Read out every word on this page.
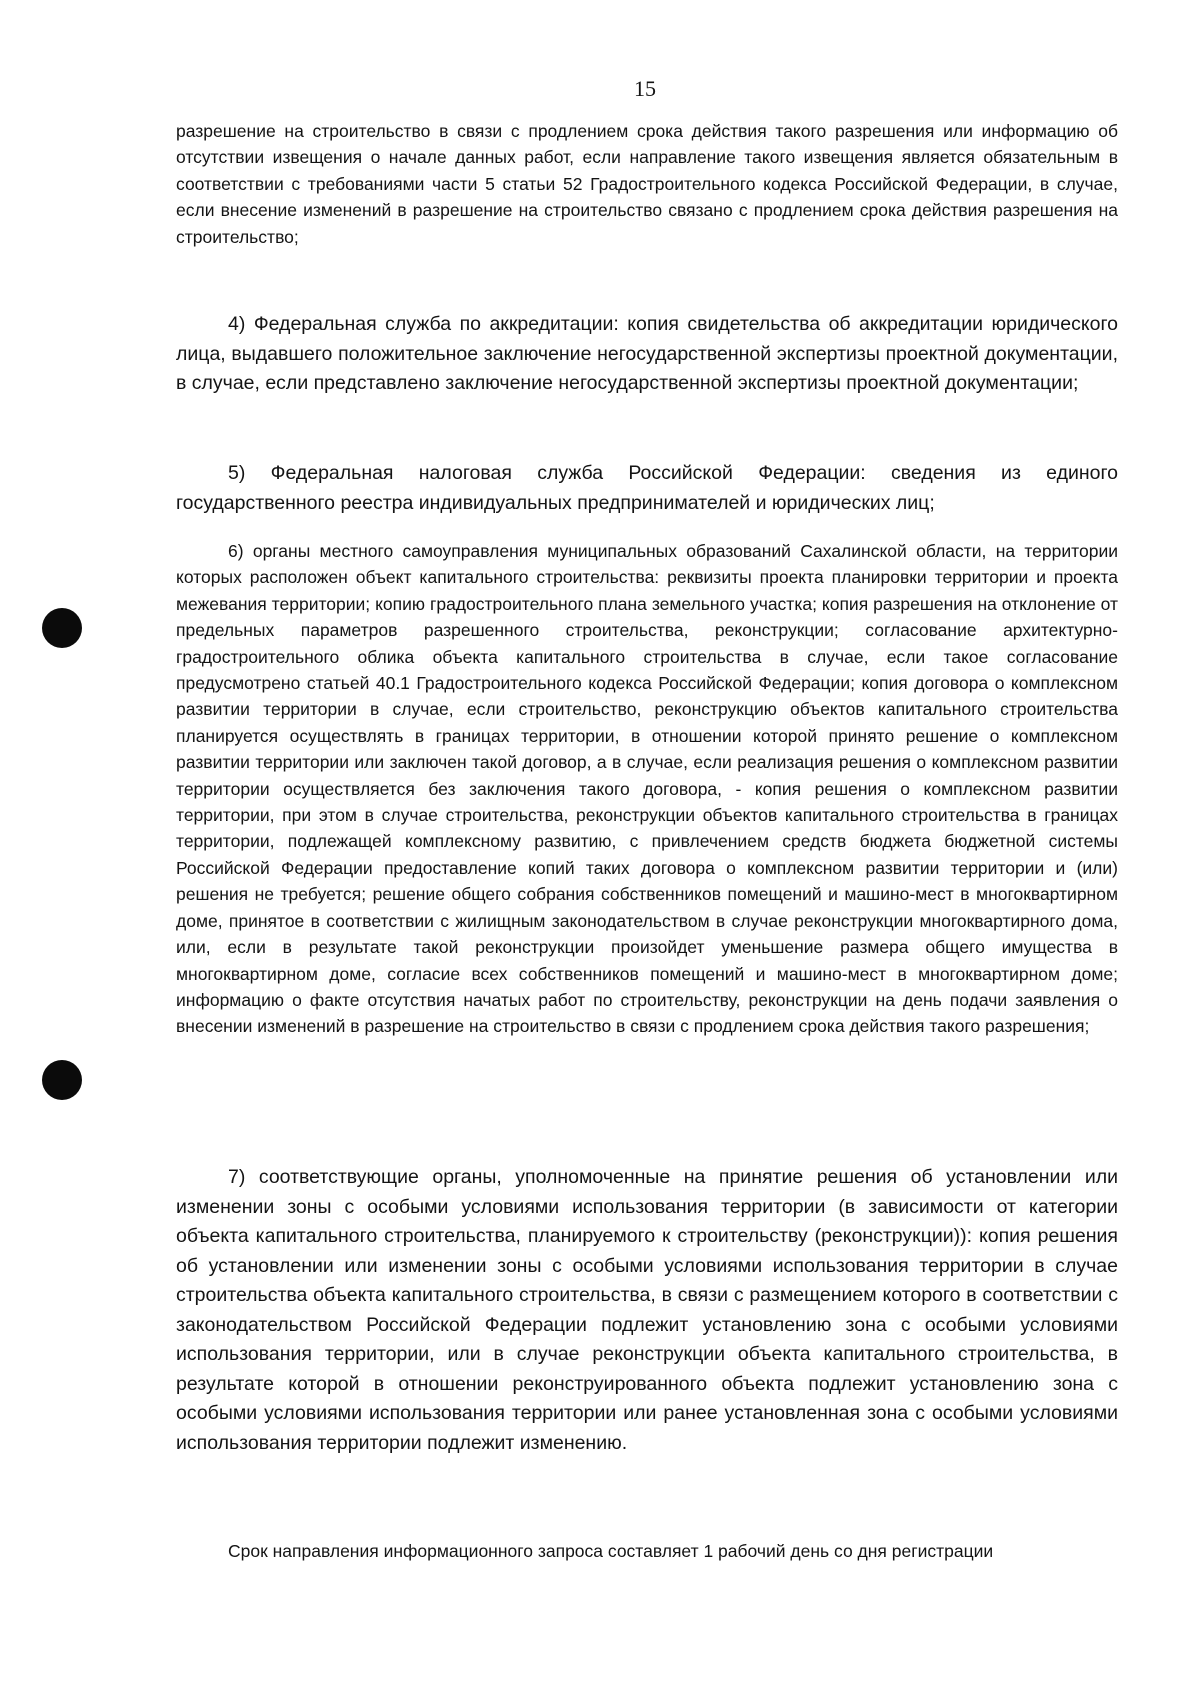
15

разрешение на строительство в связи с продлением срока действия такого разрешения или информацию об отсутствии извещения о начале данных работ, если направление такого извещения является обязательным в соответствии с требованиями части 5 статьи 52 Градостроительного кодекса Российской Федерации, в случае, если внесение изменений в разрешение на строительство связано с продлением срока действия разрешения на строительство;

4) Федеральная служба по аккредитации: копия свидетельства об аккредитации юридического лица, выдавшего положительное заключение негосударственной экспертизы проектной документации, в случае, если представлено заключение негосударственной экспертизы проектной документации;

5) Федеральная налоговая служба Российской Федерации: сведения из единого государственного реестра индивидуальных предпринимателей и юридических лиц;

6) органы местного самоуправления муниципальных образований Сахалинской области, на территории которых расположен объект капитального строительства: реквизиты проекта планировки территории и проекта межевания территории; копию градостроительного плана земельного участка; копия разрешения на отклонение от предельных параметров разрешенного строительства, реконструкции; согласование архитектурно-градостроительного облика объекта капитального строительства в случае, если такое согласование предусмотрено статьей 40.1 Градостроительного кодекса Российской Федерации; копия договора о комплексном развитии территории в случае, если строительство, реконструкцию объектов капитального строительства планируется осуществлять в границах территории, в отношении которой принято решение о комплексном развитии территории или заключен такой договор, а в случае, если реализация решения о комплексном развитии территории осуществляется без заключения такого договора, - копия решения о комплексном развитии территории, при этом в случае строительства, реконструкции объектов капитального строительства в границах территории, подлежащей комплексному развитию, с привлечением средств бюджета бюджетной системы Российской Федерации предоставление копий таких договора о комплексном развитии территории и (или) решения не требуется; решение общего собрания собственников помещений и машино-мест в многоквартирном доме, принятое в соответствии с жилищным законодательством в случае реконструкции многоквартирного дома, или, если в результате такой реконструкции произойдет уменьшение размера общего имущества в многоквартирном доме, согласие всех собственников помещений и машино-мест в многоквартирном доме; информацию о факте отсутствия начатых работ по строительству, реконструкции на день подачи заявления о внесении изменений в разрешение на строительство в связи с продлением срока действия такого разрешения;

7) соответствующие органы, уполномоченные на принятие решения об установлении или изменении зоны с особыми условиями использования территории (в зависимости от категории объекта капитального строительства, планируемого к строительству (реконструкции)): копия решения об установлении или изменении зоны с особыми условиями использования территории в случае строительства объекта капитального строительства, в связи с размещением которого в соответствии с законодательством Российской Федерации подлежит установлению зона с особыми условиями использования территории, или в случае реконструкции объекта капитального строительства, в результате которой в отношении реконструированного объекта подлежит установлению зона с особыми условиями использования территории или ранее установленная зона с особыми условиями использования территории подлежит изменению.

Срок направления информационного запроса составляет 1 рабочий день со дня регистрации
